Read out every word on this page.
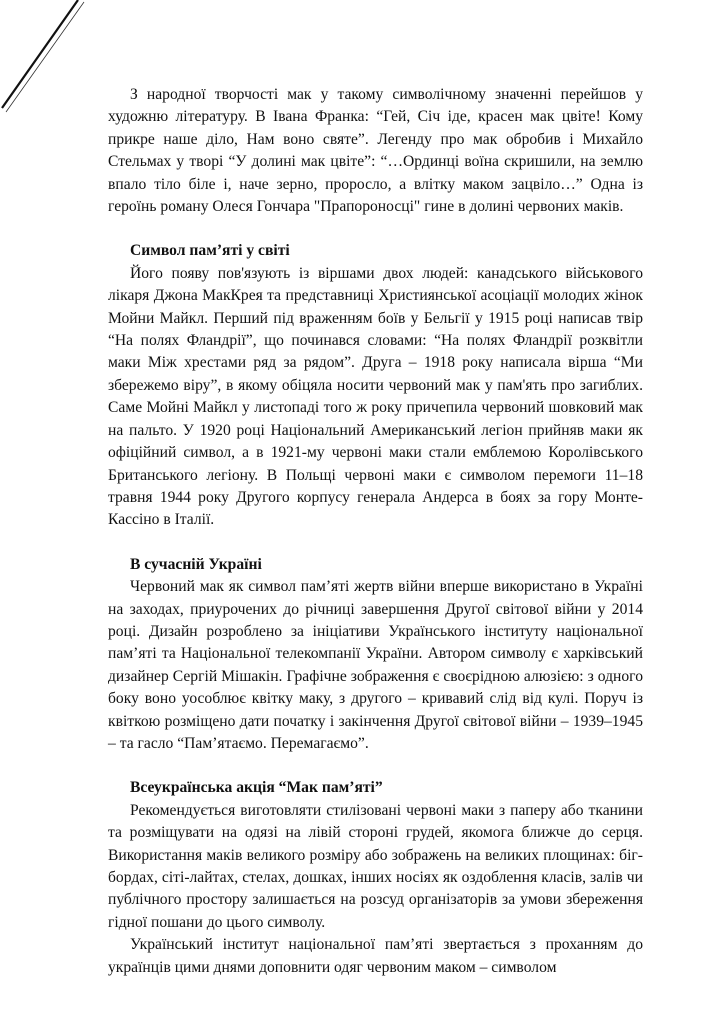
З народної творчості мак у такому символічному значенні перейшов у художню літературу. В Івана Франка: “Гей, Січ іде, красен мак цвіте! Кому прикре наше діло, Нам воно святе”. Легенду про мак обробив і Михайло Стельмах у творі “У долині мак цвіте”: “…Ординці воїна скришили, на землю впало тіло біле і, наче зерно, проросло, а влітку маком зацвіло…” Одна із героїнь роману Олеся Гончара "Прапороносці" гине в долині червоних маків.

Символ пам’яті у світі

Його появу пов'язують із віршами двох людей: канадського військового лікаря Джона МакКрея та представниці Християнської асоціації молодих жінок Мойни Майкл. Перший під враженням боїв у Бельгії у 1915 році написав твір “На полях Фландрії”, що починався словами: “На полях Фландрії розквітли маки Між хрестами ряд за рядом”. Друга – 1918 року написала вірша “Ми збережемо віру”, в якому обіцяла носити червоний мак у пам'ять про загиблих. Саме Мойні Майкл у листопаді того ж року причепила червоний шовковий мак на пальто. У 1920 році Національний Американський легіон прийняв маки як офіційний символ, а в 1921-му червоні маки стали емблемою Королівського Британського легіону. В Польщі червоні маки є символом перемоги 11–18 травня 1944 року Другого корпусу генерала Андерса в боях за гору Монте-Кассіно в Італії.

В сучасній Україні

Червоний мак як символ пам’яті жертв війни вперше використано в Україні на заходах, приурочених до річниці завершення Другої світової війни у 2014 році. Дизайн розроблено за ініціативи Українського інституту національної пам’яті та Національної телекомпанії України. Автором символу є харківський дизайнер Сергій Мішакін. Графічне зображення є своєрідною алюзією: з одного боку воно уособлює квітку маку, з другого – кривавий слід від кулі. Поруч із квіткою розміщено дати початку і закінчення Другої світової війни – 1939–1945 – та гасло “Пам’ятаємо. Перемагаємо”.

Всеукраїнська акція “Мак пам’яті”

Рекомендується виготовляти стилізовані червоні маки з паперу або тканини та розміщувати на одязі на лівій стороні грудей, якомога ближче до серця. Використання маків великого розміру або зображень на великих площинах: біг-бордах, сіті-лайтах, стелах, дошках, інших носіях як оздоблення класів, залів чи публічного простору залишається на розсуд організаторів за умови збереження гідної пошани до цього символу.

Український інститут національної пам’яті звертається з проханням до українців цими днями доповнити одяг червоним маком – символом
